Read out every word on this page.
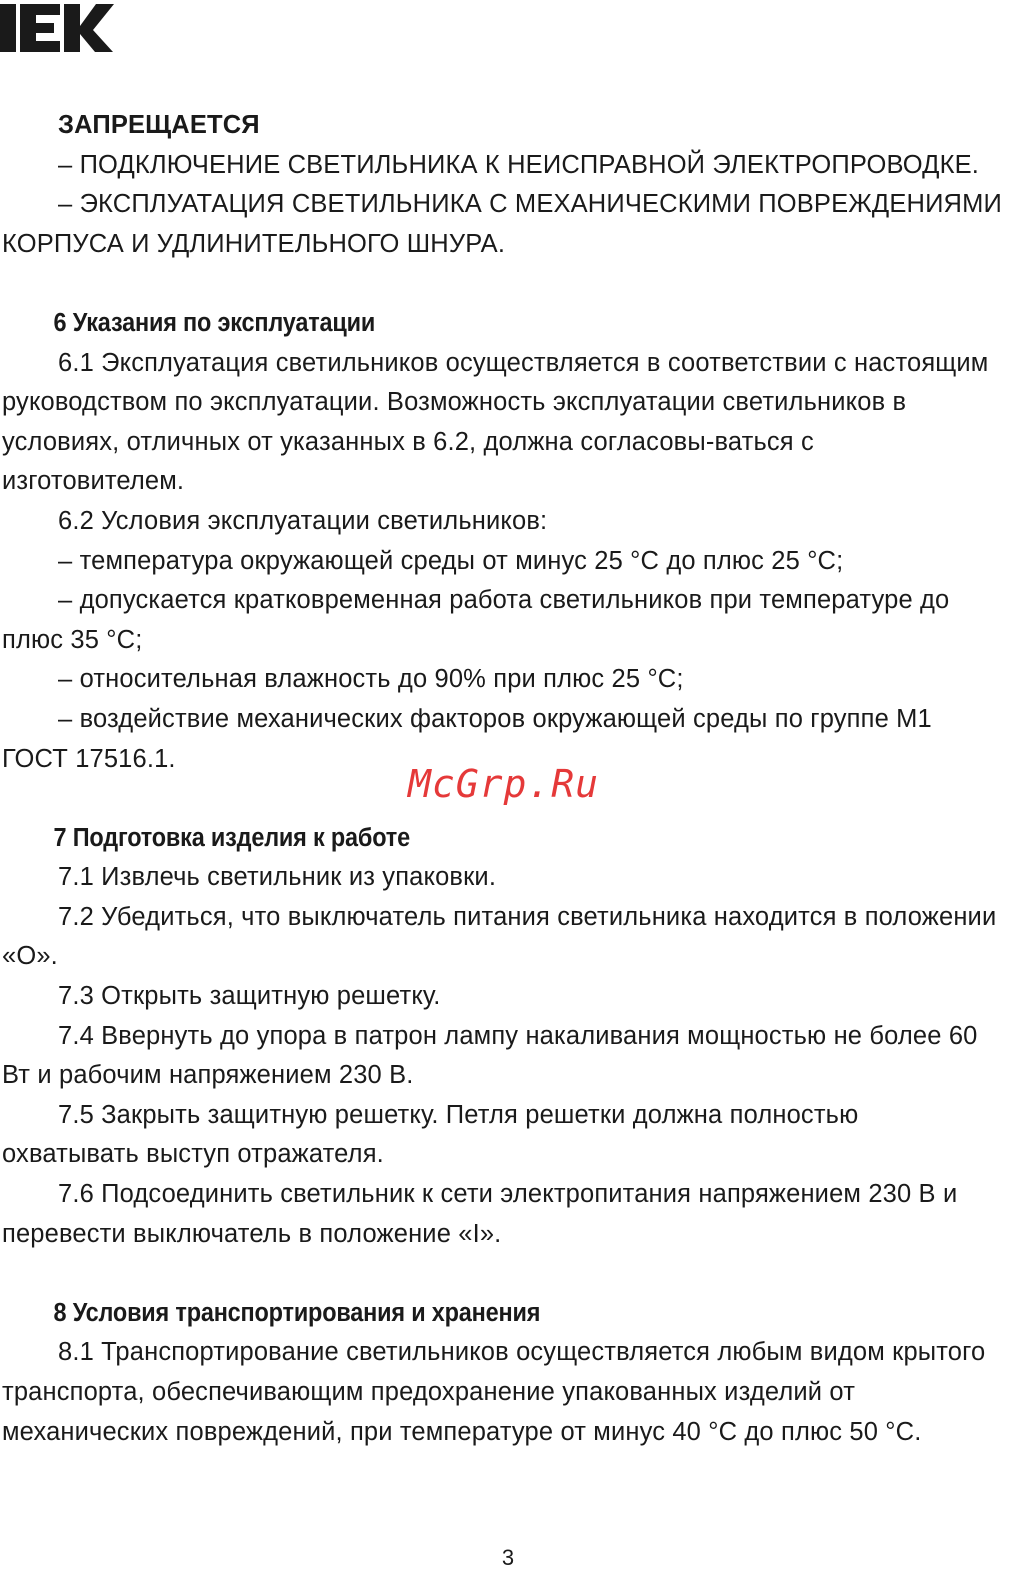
ЗАПРЕЩАЕТСЯ

– ПОДКЛЮЧЕНИЕ СВЕТИЛЬНИКА К НЕИСПРАВНОЙ ЭЛЕКТРОПРОВОДКЕ.

– ЭКСПЛУАТАЦИЯ СВЕТИЛЬНИКА С МЕХАНИЧЕСКИМИ ПОВРЕЖДЕНИЯМИ КОРПУСА И УДЛИНИТЕЛЬНОГО ШНУРА.

6 Указания по эксплуатации

6.1 Эксплуатация светильников осуществляется в соответствии с настоящим руководством по эксплуатации. Возможность эксплуатации светильников в условиях, отличных от указанных в 6.2, должна согласовы-ваться с изготовителем.

6.2 Условия эксплуатации светильников:

– температура окружающей среды от минус 25 °С до плюс 25 °С;

– допускается кратковременная работа светильников при температуре до плюс 35 °С;

– относительная влажность до 90% при плюс 25 °С;

– воздействие механических факторов окружающей среды по группе М1 ГОСТ 17516.1.

7 Подготовка изделия к работе

7.1 Извлечь светильник из упаковки.

7.2 Убедиться, что выключатель питания светильника находится в положении «О».

7.3 Открыть защитную решетку.

7.4 Ввернуть до упора в патрон лампу накаливания мощностью не более 60 Вт и рабочим напряжением 230 В.

7.5 Закрыть защитную решетку. Петля решетки должна полностью охватывать выступ отражателя.

7.6 Подсоединить светильник к сети электропитания напряжением 230 В и перевести выключатель в положение «I».

8 Условия транспортирования и хранения

8.1 Транспортирование светильников осуществляется любым видом крытого транспорта, обеспечивающим предохранение упакованных изделий от механических повреждений, при температуре от минус 40 °С до плюс 50 °С.

McGrp.Ru
3
